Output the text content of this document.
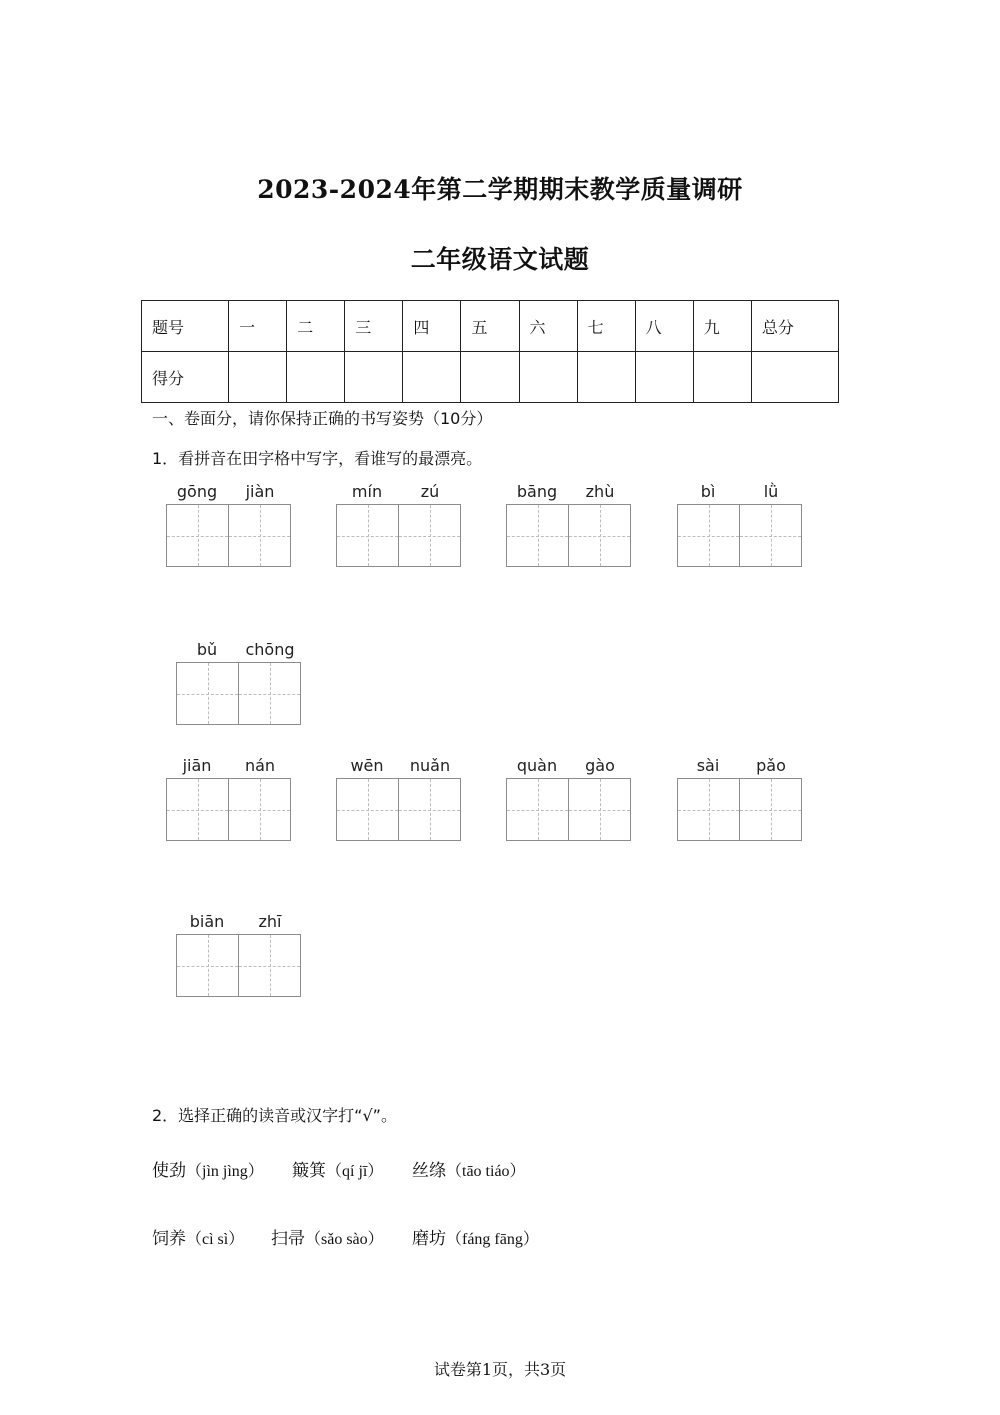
2023-2024年第二学期期末教学质量调研
二年级语文试题
题号	一	二	三	四	五	六	七	八	九	总分
得分										
一、卷面分，请你保持正确的书写姿势（10分）
1．看拼音在田字格中写字，看谁写的最漂亮。
gōng	jiàn	mín	zú	bāng	zhù	bì	lǜ
bǔ	chōng
jiān	nán	wēn	nuǎn	quàn	gào	sài	pǎo
biān	zhī
2．选择正确的读音或汉字打“√”。
使劲（jìn jìng） 簸箕（qí jī） 丝绦（tāo tiáo）
饲养（cì sì） 扫帚（sǎo sào） 磨坊（fáng fāng）
试卷第1页，共3页
